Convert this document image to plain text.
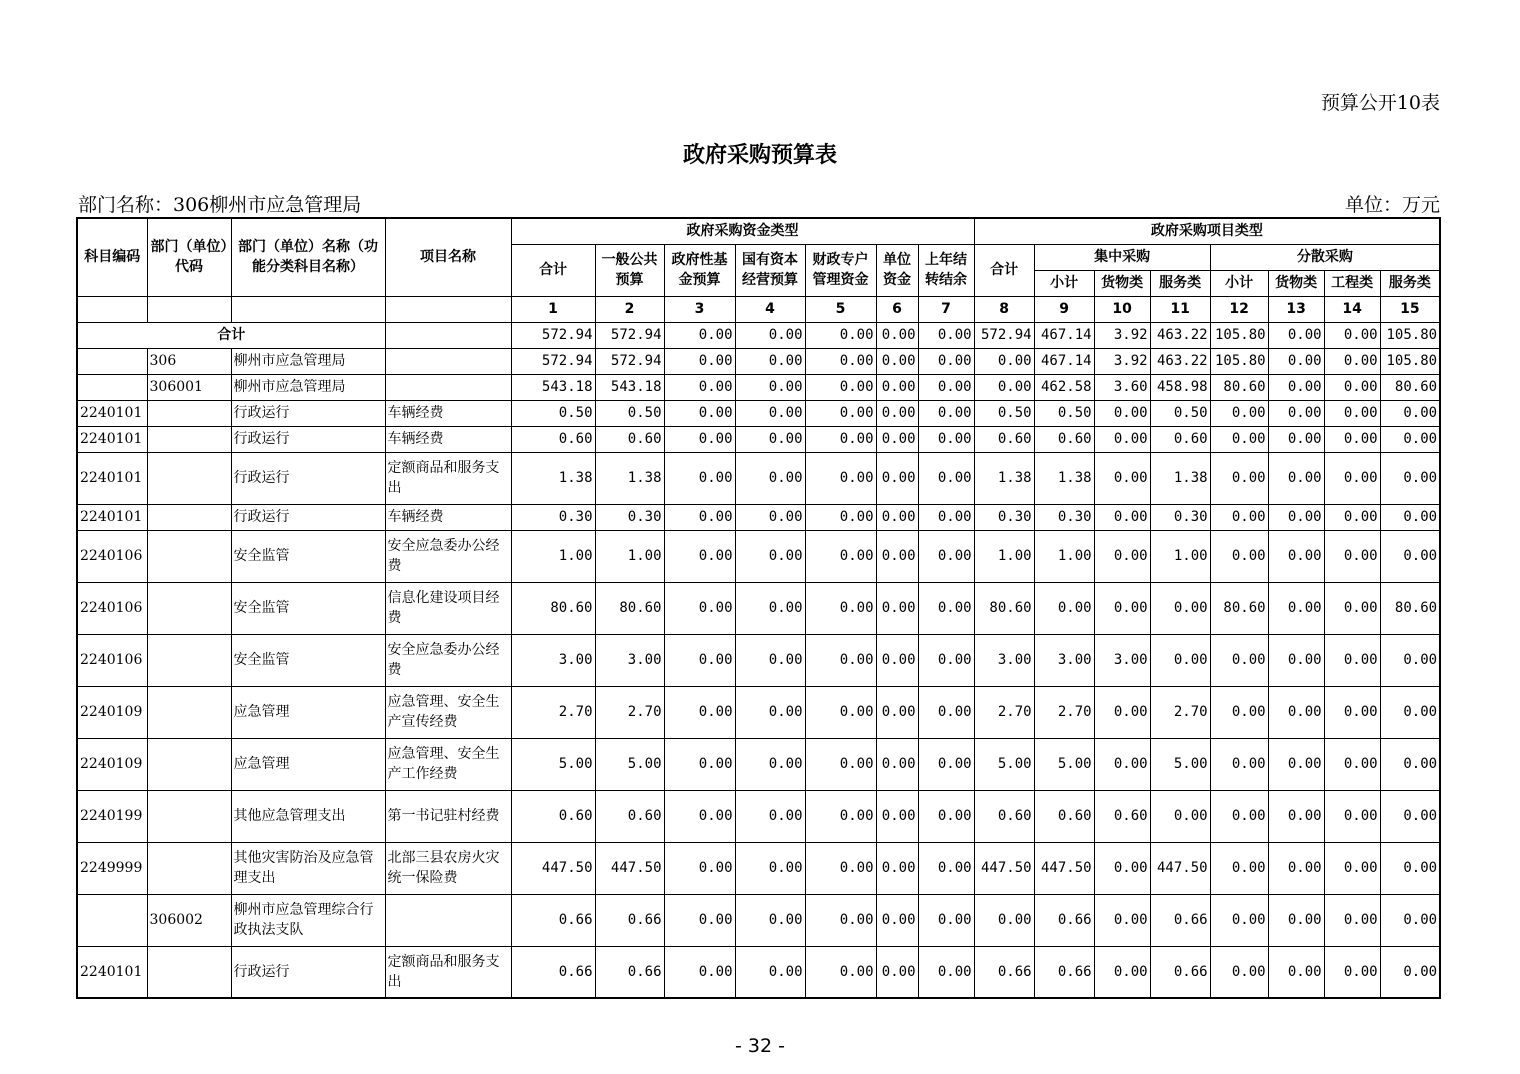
预算公开10表
政府采购预算表
部门名称：306柳州市应急管理局	单位：万元
科目编码	部门（单位）代码	部门（单位）名称（功能分类科目名称）	项目名称	政府采购资金类型							政府采购项目类型							
				合计	一般公共预算	政府性基金预算	国有资本经营预算	财政专户管理资金	单位资金	上年结转结余	合计	集中采购			分散采购			
												小计	货物类	服务类	小计	货物类	工程类	服务类
				1	2	3	4	5	6	7	8	9	10	11	12	13	14	15
合计				572.94	572.94	0.00	0.00	0.00	0.00	0.00	572.94	467.14	3.92	463.22	105.80	0.00	0.00	105.80
	306	柳州市应急管理局		572.94	572.94	0.00	0.00	0.00	0.00	0.00	0.00	467.14	3.92	463.22	105.80	0.00	0.00	105.80
	306001	柳州市应急管理局		543.18	543.18	0.00	0.00	0.00	0.00	0.00	0.00	462.58	3.60	458.98	80.60	0.00	0.00	80.60
2240101		行政运行	车辆经费	0.50	0.50	0.00	0.00	0.00	0.00	0.00	0.50	0.50	0.00	0.50	0.00	0.00	0.00	0.00
2240101		行政运行	车辆经费	0.60	0.60	0.00	0.00	0.00	0.00	0.00	0.60	0.60	0.00	0.60	0.00	0.00	0.00	0.00
2240101		行政运行	定额商品和服务支出	1.38	1.38	0.00	0.00	0.00	0.00	0.00	1.38	1.38	0.00	1.38	0.00	0.00	0.00	0.00
2240101		行政运行	车辆经费	0.30	0.30	0.00	0.00	0.00	0.00	0.00	0.30	0.30	0.00	0.30	0.00	0.00	0.00	0.00
2240106		安全监管	安全应急委办公经费	1.00	1.00	0.00	0.00	0.00	0.00	0.00	1.00	1.00	0.00	1.00	0.00	0.00	0.00	0.00
2240106		安全监管	信息化建设项目经费	80.60	80.60	0.00	0.00	0.00	0.00	0.00	80.60	0.00	0.00	0.00	80.60	0.00	0.00	80.60
2240106		安全监管	安全应急委办公经费	3.00	3.00	0.00	0.00	0.00	0.00	0.00	3.00	3.00	3.00	0.00	0.00	0.00	0.00	0.00
2240109		应急管理	应急管理、安全生产宣传经费	2.70	2.70	0.00	0.00	0.00	0.00	0.00	2.70	2.70	0.00	2.70	0.00	0.00	0.00	0.00
2240109		应急管理	应急管理、安全生产工作经费	5.00	5.00	0.00	0.00	0.00	0.00	0.00	5.00	5.00	0.00	5.00	0.00	0.00	0.00	0.00
2240199		其他应急管理支出	第一书记驻村经费	0.60	0.60	0.00	0.00	0.00	0.00	0.00	0.60	0.60	0.60	0.00	0.00	0.00	0.00	0.00
2249999		其他灾害防治及应急管理支出	北部三县农房火灾统一保险费	447.50	447.50	0.00	0.00	0.00	0.00	0.00	447.50	447.50	0.00	447.50	0.00	0.00	0.00	0.00
	306002	柳州市应急管理综合行政执法支队		0.66	0.66	0.00	0.00	0.00	0.00	0.00	0.00	0.66	0.00	0.66	0.00	0.00	0.00	0.00
2240101		行政运行	定额商品和服务支出	0.66	0.66	0.00	0.00	0.00	0.00	0.00	0.66	0.66	0.00	0.66	0.00	0.00	0.00	0.00
- 32 -
